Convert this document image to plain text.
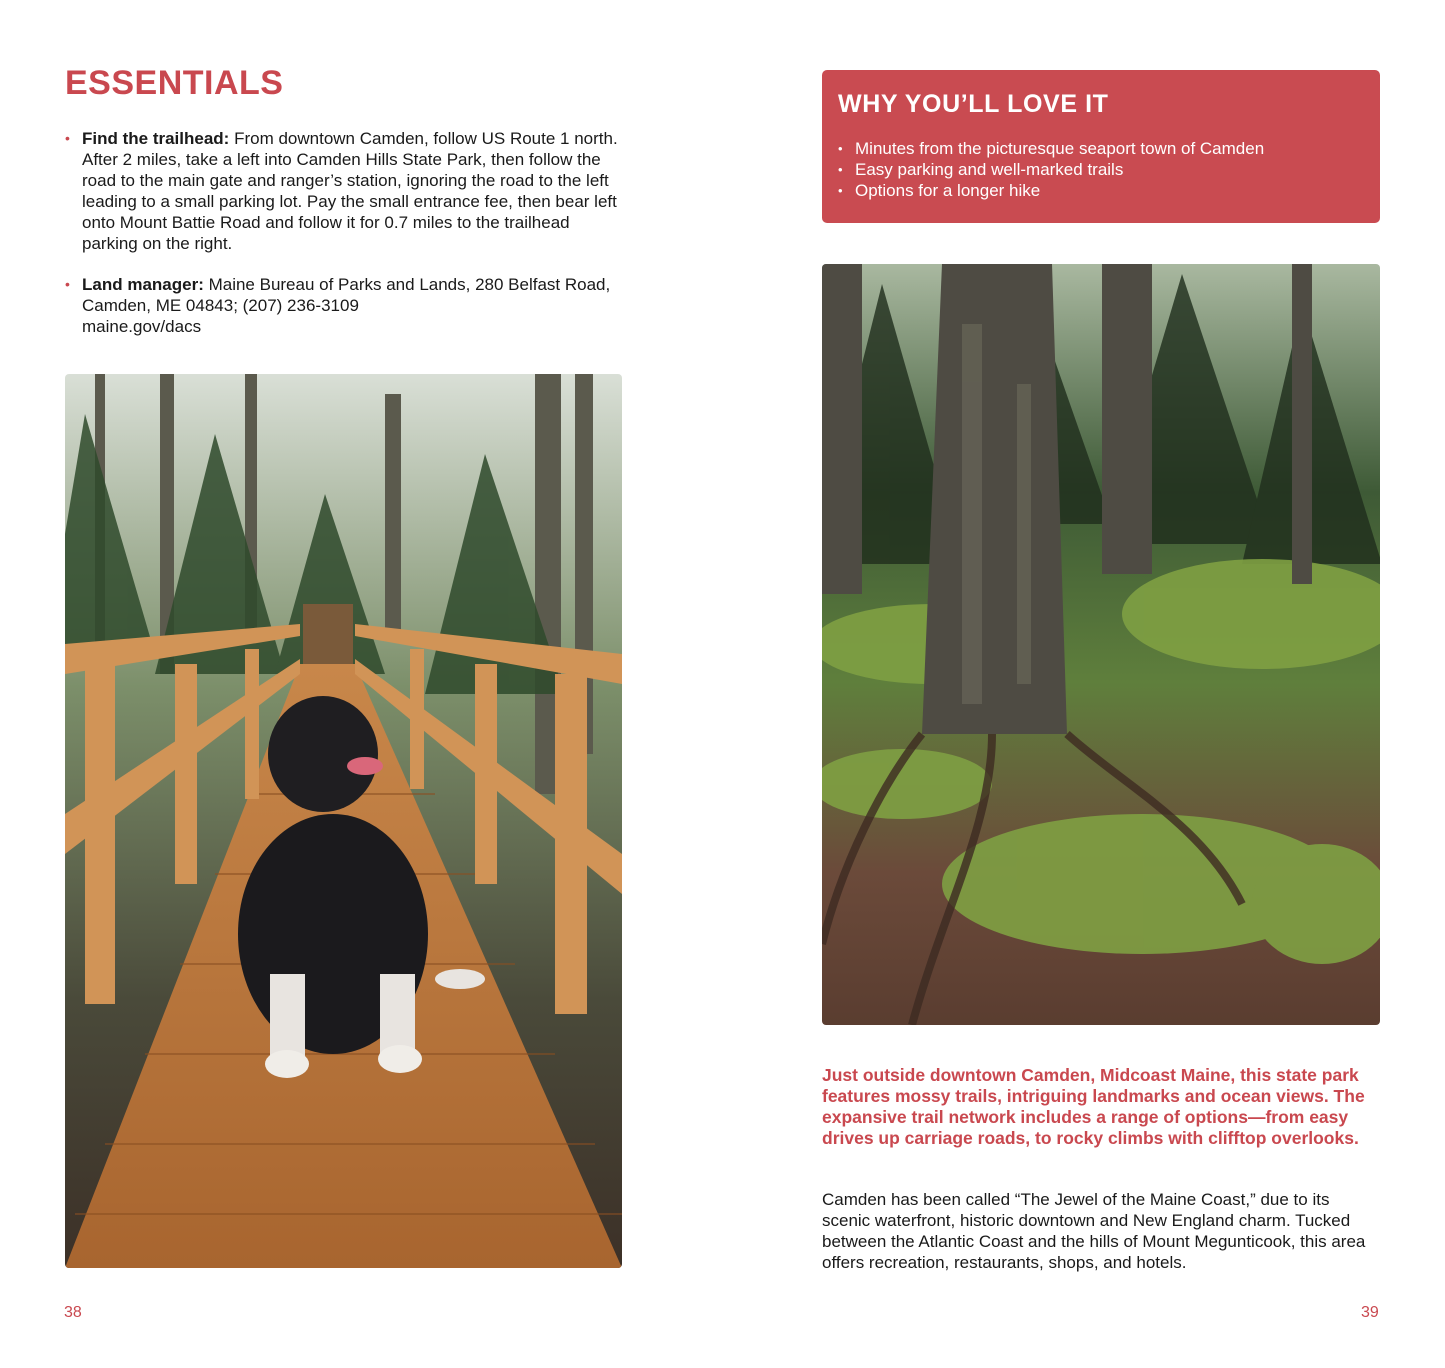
ESSENTIALS
• Find the trailhead: From downtown Camden, follow US Route 1 north. After 2 miles, take a left into Camden Hills State Park, then follow the road to the main gate and ranger’s station, ignoring the road to the left leading to a small parking lot. Pay the small entrance fee, then bear left onto Mount Battie Road and follow it for 0.7 miles to the trailhead parking on the right.
• Land manager: Maine Bureau of Parks and Lands, 280 Belfast Road, Camden, ME 04843; (207) 236-3109
maine.gov/dacs
38
WHY YOU’LL LOVE IT
• Minutes from the picturesque seaport town of Camden
• Easy parking and well-marked trails
• Options for a longer hike

Just outside downtown Camden, Midcoast Maine, this state park features mossy trails, intriguing landmarks and ocean views. The expansive trail network includes a range of options—from easy drives up carriage roads, to rocky climbs with clifftop overlooks.

Camden has been called “The Jewel of the Maine Coast,” due to its scenic waterfront, historic downtown and New England charm. Tucked between the Atlantic Coast and the hills of Mount Megunticook, this area offers recreation, restaurants, shops, and hotels.

39
